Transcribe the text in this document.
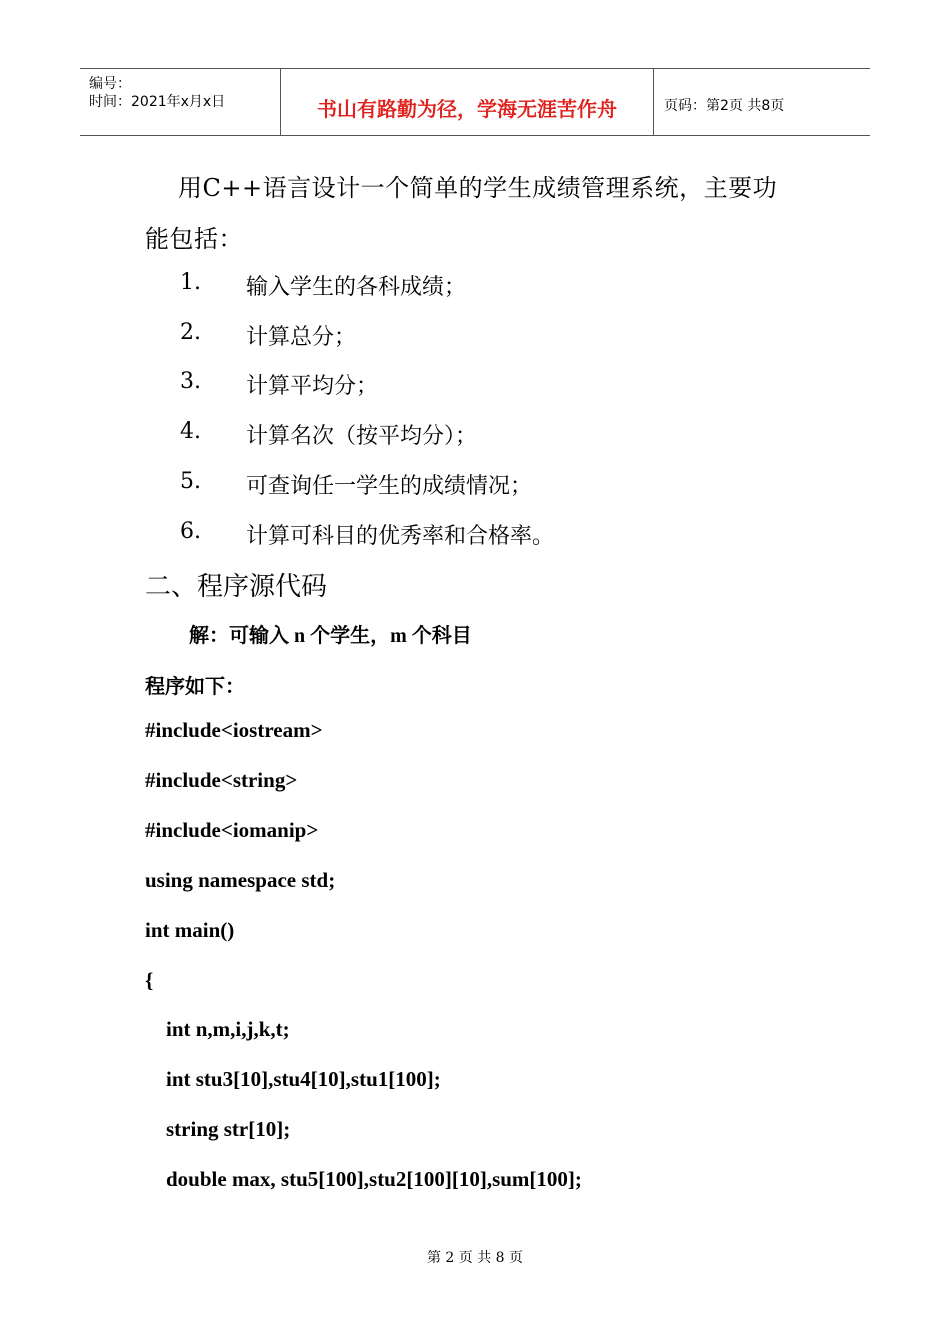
编号：
时间：2021年x月x日	书山有路勤为径，学海无涯苦作舟	页码：第2页 共8页
用C++语言设计一个简单的学生成绩管理系统，主要功
能包括：
1. 输入学生的各科成绩；
2. 计算总分；
3. 计算平均分；
4. 计算名次（按平均分）；
5. 可查询任一学生的成绩情况；
6. 计算可科目的优秀率和合格率。
二、程序源代码
解：可输入 n 个学生，m 个科目
程序如下：
#include<iostream>
#include<string>
#include<iomanip>
using namespace std;
int main()
{
int n,m,i,j,k,t;
int stu3[10],stu4[10],stu1[100];
string str[10];
double max, stu5[100],stu2[100][10],sum[100];
第 2 页 共 8 页
